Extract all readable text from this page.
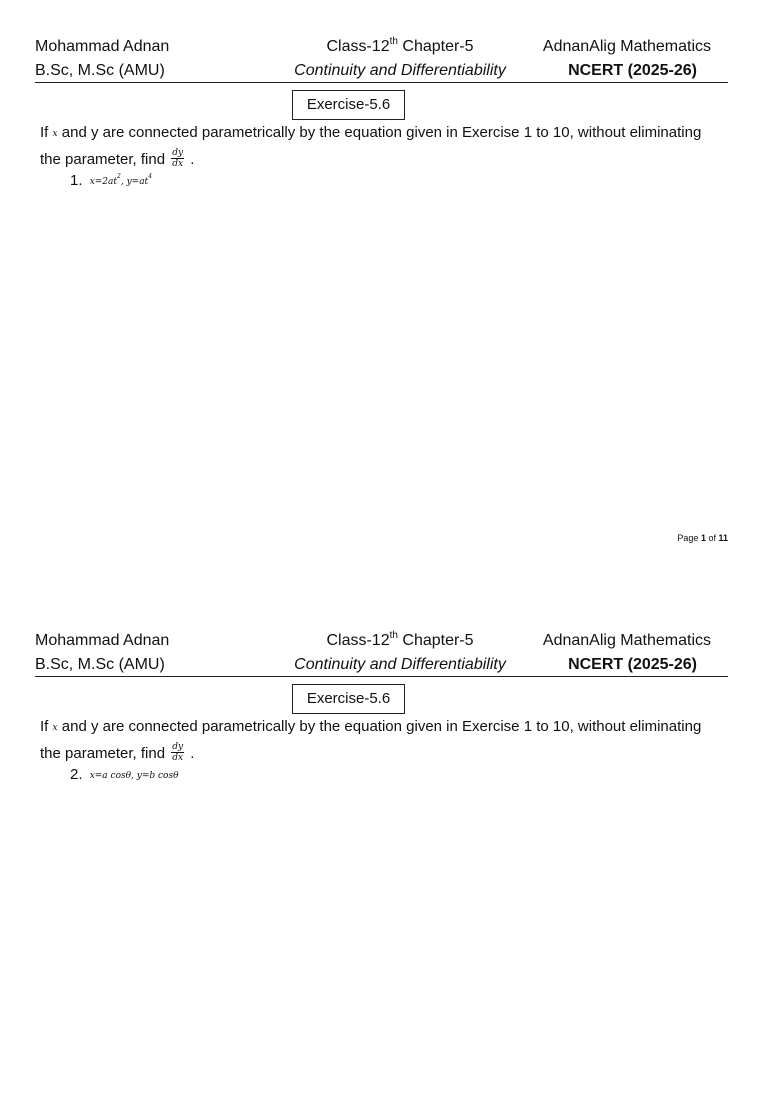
Mohammad Adnan	Class-12th Chapter-5	AdnanAlig Mathematics
B.Sc, M.Sc (AMU)	Continuity and Differentiability	NCERT (2025-26)
Exercise-5.6
If x and y are connected parametrically by the equation given in Exercise 1 to 10, without eliminating the parameter, find $\frac{dy}{dx}$ .
1. $x=2at^2$, $y=at^4$
Page 1 of 11
Mohammad Adnan	Class-12th Chapter-5	AdnanAlig Mathematics
B.Sc, M.Sc (AMU)	Continuity and Differentiability	NCERT (2025-26)
Exercise-5.6
If x and y are connected parametrically by the equation given in Exercise 1 to 10, without eliminating the parameter, find $\frac{dy}{dx}$ .
2. x=a cosθ, y=b cosθ
